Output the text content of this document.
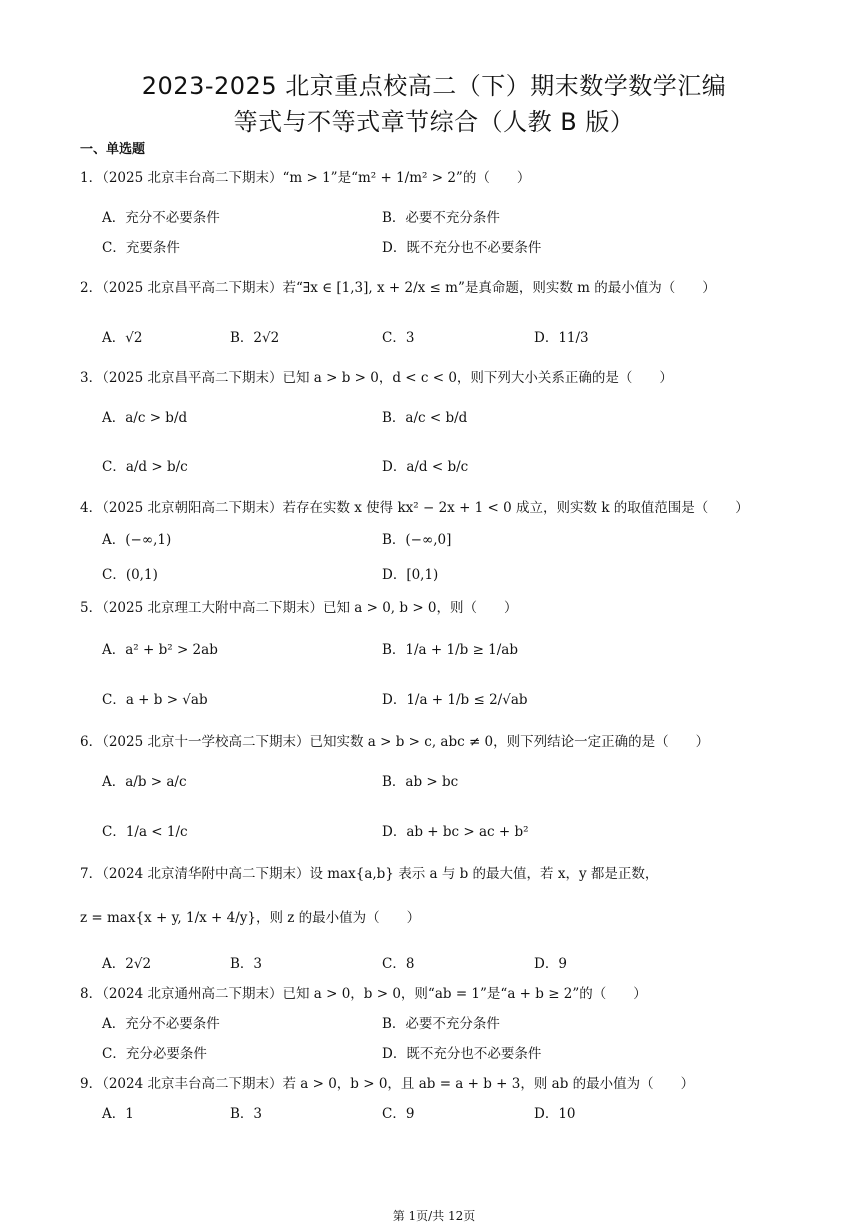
2023-2025 北京重点校高二（下）期末数学数学汇编
等式与不等式章节综合（人教 B 版）
一、单选题
1．（2025 北京丰台高二下期末）“m > 1”是“m² + 1/m² > 2”的（　　）
A．充分不必要条件	B．必要不充分条件
C．充要条件	D．既不充分也不必要条件
2．（2025 北京昌平高二下期末）若“∃x ∈ [1,3], x + 2/x ≤ m”是真命题，则实数 m 的最小值为（　　）
A．√2	B．2√2	C．3	D．11/3
3．（2025 北京昌平高二下期末）已知 a > b > 0，d < c < 0，则下列大小关系正确的是（　　）
A．a/c > b/d	B．a/c < b/d
C．a/d > b/c	D．a/d < b/c
4．（2025 北京朝阳高二下期末）若存在实数 x 使得 kx² − 2x + 1 < 0 成立，则实数 k 的取值范围是（　　）
A．(−∞,1)	B．(−∞,0]
C．(0,1)	D．[0,1)
5．（2025 北京理工大附中高二下期末）已知 a > 0, b > 0，则（　　）
A．a² + b² > 2ab	B．1/a + 1/b ≥ 1/ab
C．a + b > √ab	D．1/a + 1/b ≤ 2/√ab
6．（2025 北京十一学校高二下期末）已知实数 a > b > c, abc ≠ 0，则下列结论一定正确的是（　　）
A．a/b > a/c	B．ab > bc
C．1/a < 1/c	D．ab + bc > ac + b²
7．（2024 北京清华附中高二下期末）设 max{a,b} 表示 a 与 b 的最大值，若 x，y 都是正数，
z = max{x + y, 1/x + 4/y}，则 z 的最小值为（　　）
A．2√2	B．3	C．8	D．9
8．（2024 北京通州高二下期末）已知 a > 0，b > 0，则“ab = 1”是“a + b ≥ 2”的（　　）
A．充分不必要条件	B．必要不充分条件
C．充分必要条件	D．既不充分也不必要条件
9．（2024 北京丰台高二下期末）若 a > 0，b > 0，且 ab = a + b + 3，则 ab 的最小值为（　　）
A．1	B．3	C．9	D．10
第 1页/共 12页
